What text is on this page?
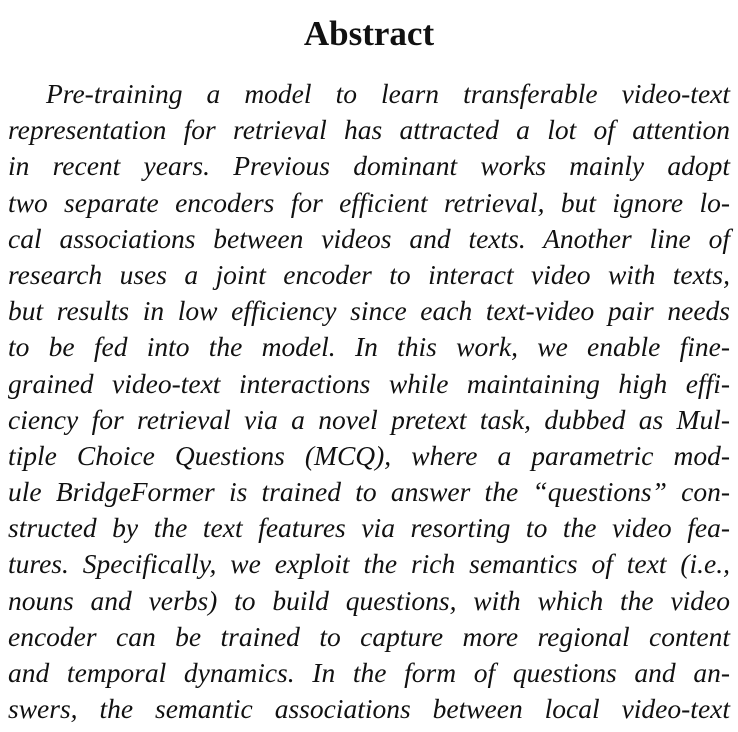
Abstract
Pre-training a model to learn transferable video-text
representation for retrieval has attracted a lot of attention
in recent years. Previous dominant works mainly adopt
two separate encoders for efficient retrieval, but ignore lo-
cal associations between videos and texts. Another line of
research uses a joint encoder to interact video with texts,
but results in low efficiency since each text-video pair needs
to be fed into the model. In this work, we enable fine-
grained video-text interactions while maintaining high effi-
ciency for retrieval via a novel pretext task, dubbed as Mul-
tiple Choice Questions (MCQ), where a parametric mod-
ule BridgeFormer is trained to answer the “questions” con-
structed by the text features via resorting to the video fea-
tures. Specifically, we exploit the rich semantics of text (i.e.,
nouns and verbs) to build questions, with which the video
encoder can be trained to capture more regional content
and temporal dynamics. In the form of questions and an-
swers, the semantic associations between local video-text
